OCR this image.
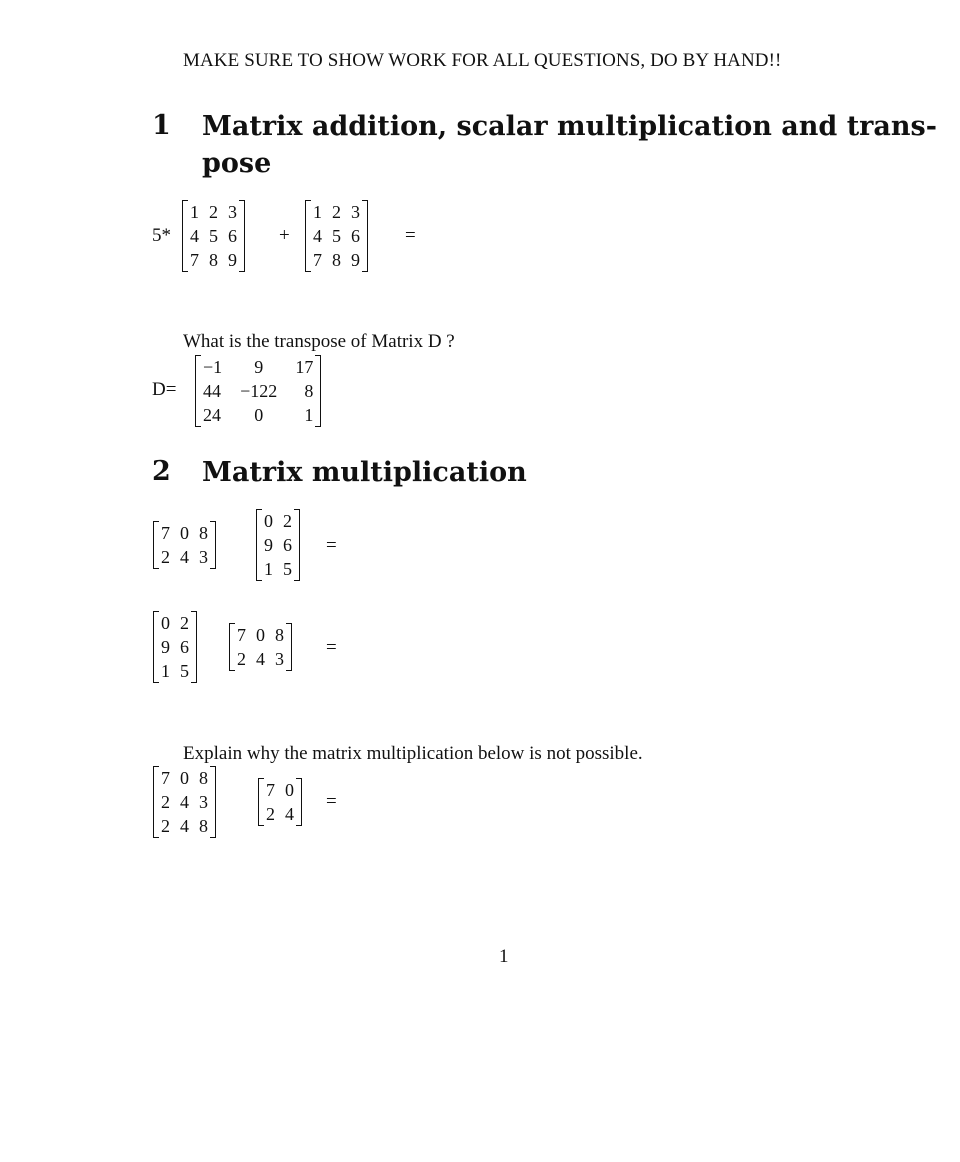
MAKE SURE TO SHOW WORK FOR ALL QUESTIONS, DO BY HAND!!
1 Matrix addition, scalar multiplication and trans-
pose
5*
1	2	3
4	5	6
7	8	9
+
1	2	3
4	5	6
7	8	9
=
What is the transpose of Matrix D ?
D=
−1	9	17
44	−122	8
24	0	1
2 Matrix multiplication
7	0	8
2	4	3
0	2
9	6
1	5
=
0	2
9	6
1	5
7	0	8
2	4	3
=
Explain why the matrix multiplication below is not possible.
7	0	8
2	4	3
2	4	8
7	0
2	4
=
1
